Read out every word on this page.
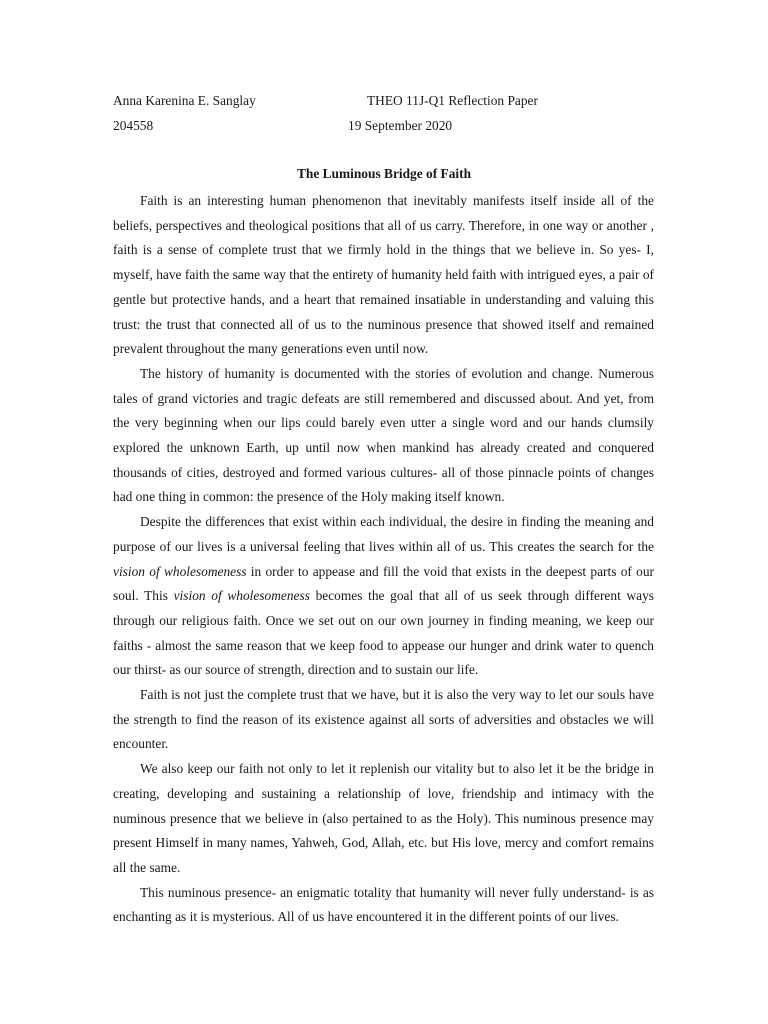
Anna Karenina E. Sanglay	THEO 11J-Q1 Reflection Paper
204558	19 September 2020
The Luminous Bridge of Faith

Faith is an interesting human phenomenon that inevitably manifests itself inside all of the beliefs, perspectives and theological positions that all of us carry. Therefore, in one way or another , faith is a sense of complete trust that we firmly hold in the things that we believe in. So yes- I, myself, have faith the same way that the entirety of humanity held faith with intrigued eyes, a pair of gentle but protective hands, and a heart that remained insatiable in understanding and valuing this trust: the trust that connected all of us to the numinous presence that showed itself and remained prevalent throughout the many generations even until now.

The history of humanity is documented with the stories of evolution and change. Numerous tales of grand victories and tragic defeats are still remembered and discussed about. And yet, from the very beginning when our lips could barely even utter a single word and our hands clumsily explored the unknown Earth, up until now when mankind has already created and conquered thousands of cities, destroyed and formed various cultures- all of those pinnacle points of changes had one thing in common: the presence of the Holy making itself known.

Despite the differences that exist within each individual, the desire in finding the meaning and purpose of our lives is a universal feeling that lives within all of us. This creates the search for the vision of wholesomeness in order to appease and fill the void that exists in the deepest parts of our soul. This vision of wholesomeness becomes the goal that all of us seek through different ways through our religious faith. Once we set out on our own journey in finding meaning, we keep our faiths - almost the same reason that we keep food to appease our hunger and drink water to quench our thirst- as our source of strength, direction and to sustain our life.

Faith is not just the complete trust that we have, but it is also the very way to let our souls have the strength to find the reason of its existence against all sorts of adversities and obstacles we will encounter.

We also keep our faith not only to let it replenish our vitality but to also let it be the bridge in creating, developing and sustaining a relationship of love, friendship and intimacy with the numinous presence that we believe in (also pertained to as the Holy). This numinous presence may present Himself in many names, Yahweh, God, Allah, etc. but His love, mercy and comfort remains all the same.

This numinous presence- an enigmatic totality that humanity will never fully understand- is as enchanting as it is mysterious. All of us have encountered it in the different points of our lives.
